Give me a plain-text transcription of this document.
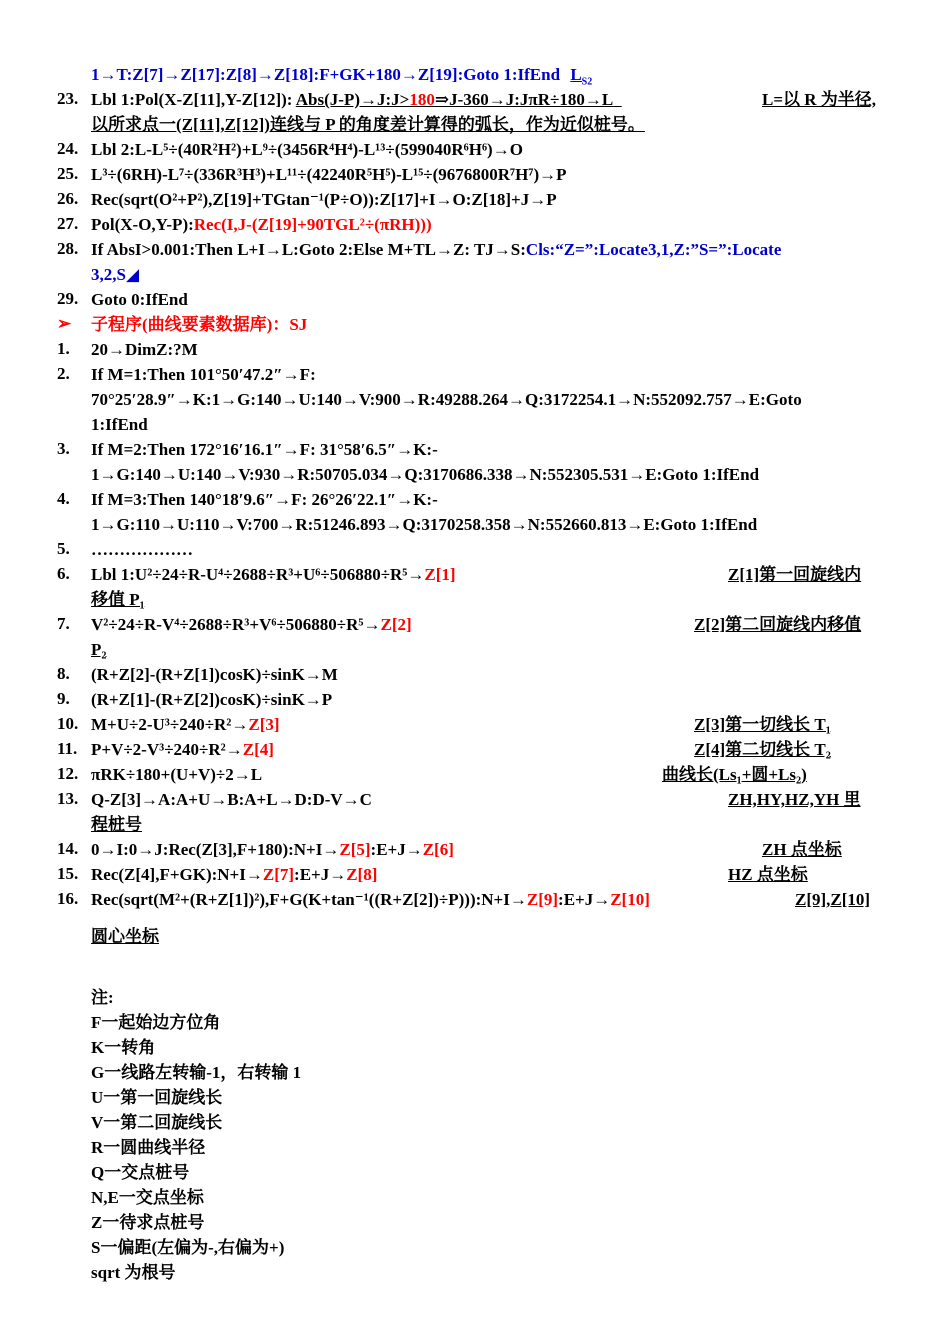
1→T:Z[7]→Z[17]:Z[8]→Z[18]:F+GK+180→Z[19]:Goto 1:IfEnd $L_{S2}$
23. Lbl 1:Pol(X-Z[11],Y-Z[12]): Abs(J-P)→J:J>180⇒J-360→J:JπR÷180→L	L=以 R 为半径,
以所求点一(Z[11],Z[12])连线与 P 的角度差计算得的弧长，作为近似桩号。
24. Lbl 2:L-L⁵÷(40R²H²)+L⁹÷(3456R⁴H⁴)-L¹³÷(599040R⁶H⁶)→O
25. L³÷(6RH)-L⁷÷(336R³H³)+L¹¹÷(42240R⁵H⁵)-L¹⁵÷(9676800R⁷H⁷)→P
26. Rec(sqrt(O²+P²),Z[19]+TGtan⁻¹(P÷O)):Z[17]+I→O:Z[18]+J→P
27. Pol(X-O,Y-P):Rec(I,J-(Z[19]+90TGL²÷(πRH)))
28. If AbsI>0.001:Then L+I→L:Goto 2:Else M+TL→Z: TJ→S:Cls:“Z=”:Locate3,1,Z:”S=”:Locate
3,2,S◢
29. Goto 0:IfEnd
➢	子程序(曲线要素数据库)：SJ
1.	20→DimZ:?M
2.	If M=1:Then 101°50′47.2″→F:
70°25′28.9″→K:1→G:140→U:140→V:900→R:49288.264→Q:3172254.1→N:552092.757→E:Goto
1:IfEnd
3.	If M=2:Then 172°16′16.1″→F: 31°58′6.5″→K:-
1→G:140→U:140→V:930→R:50705.034→Q:3170686.338→N:552305.531→E:Goto 1:IfEnd
4.	If M=3:Then 140°18′9.6″→F: 26°26′22.1″→K:-
1→G:110→U:110→V:700→R:51246.893→Q:3170258.358→N:552660.813→E:Goto 1:IfEnd
5.	………………
6.	Lbl 1:U²÷24÷R-U⁴÷2688÷R³+U⁶÷506880÷R⁵→Z[1]	Z[1]第一回旋线内
移值 P₁
7.	V²÷24÷R-V⁴÷2688÷R³+V⁶÷506880÷R⁵→Z[2]	Z[2]第二回旋线内移值
P₂
8.	(R+Z[2]-(R+Z[1])cosK)÷sinK→M
9.	(R+Z[1]-(R+Z[2])cosK)÷sinK→P
10. M+U÷2-U³÷240÷R²→Z[3]	Z[3]第一切线长 T₁
11. P+V÷2-V³÷240÷R²→Z[4]	Z[4]第二切线长 T₂
12. πRK÷180+(U+V)÷2→L	曲线长(Ls₁+圆+Ls₂)
13. Q-Z[3]→A:A+U→B:A+L→D:D-V→C	ZH,HY,HZ,YH 里
程桩号
14. 0→I:0→J:Rec(Z[3],F+180):N+I→Z[5]:E+J→Z[6]	ZH 点坐标
15. Rec(Z[4],F+GK):N+I→Z[7]:E+J→Z[8]	HZ 点坐标
16. Rec(sqrt(M²+(R+Z[1])²),F+G(K+tan⁻¹((R+Z[2])÷P))):N+I→Z[9]:E+J→Z[10]	Z[9],Z[10]
圆心坐标
注:
F一起始边方位角
K一转角
G一线路左转输-1，右转输 1
U一第一回旋线长
V一第二回旋线长
R一圆曲线半径
Q一交点桩号
N,E一交点坐标
Z一待求点桩号
S一偏距(左偏为-,右偏为+)
sqrt 为根号
